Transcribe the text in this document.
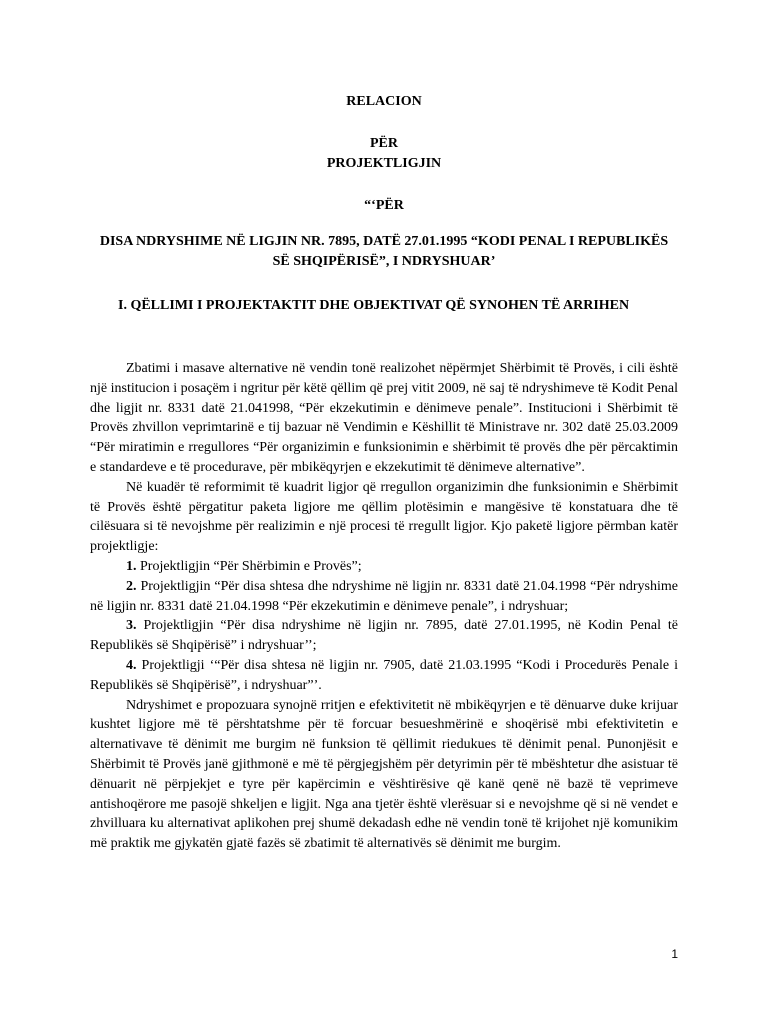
RELACION
PËR
PROJEKTLIGJIN
“‘PËR
DISA NDRYSHIME NË LIGJIN NR. 7895, DATË 27.01.1995 “KODI PENAL I REPUBLIKËS SË SHQIPËRISË”, I NDRYSHUAR’
I. QËLLIMI I PROJEKTAKTIT DHE OBJEKTIVAT QË SYNOHEN TË ARRIHEN

Zbatimi i masave alternative në vendin tonë realizohet nëpërmjet Shërbimit të Provës, i cili është një institucion i posaçëm i ngritur për këtë qëllim që prej vitit 2009, në saj të ndryshimeve të Kodit Penal dhe ligjit nr. 8331 datë 21.041998, “Për ekzekutimin e dënimeve penale”. Institucioni i Shërbimit të Provës zhvillon veprimtarinë e tij bazuar në Vendimin e Këshillit të Ministrave nr. 302 datë 25.03.2009 “Për miratimin e rregullores “Për organizimin e funksionimin e shërbimit të provës dhe për përcaktimin e standardeve e të procedurave, për mbikëqyrjen e ekzekutimit të dënimeve alternative”.

Në kuadër të reformimit të kuadrit ligjor që rregullon organizimin dhe funksionimin e Shërbimit të Provës është përgatitur paketa ligjore me qëllim plotësimin e mangësive të konstatuara dhe të cilësuara si të nevojshme për realizimin e një procesi të rregullt ligjor. Kjo paketë ligjore përmban katër projektligje:

1. Projektligjin “Për Shërbimin e Provës”;

2. Projektligjin “Për disa shtesa dhe ndryshime në ligjin nr. 8331 datë 21.04.1998 “Për ndryshime në ligjin nr. 8331 datë 21.04.1998 “Për ekzekutimin e dënimeve penale”, i ndryshuar;

3. Projektligjin “Për disa ndryshime në ligjin nr. 7895, datë 27.01.1995, në Kodin Penal të Republikës së Shqipërisë” i ndryshuar’’;

4. Projektligji ‘“Për disa shtesa në ligjin nr. 7905, datë 21.03.1995 “Kodi i Procedurës Penale i Republikës së Shqipërisë”, i ndryshuar”’.

Ndryshimet e propozuara synojnë rritjen e efektivitetit në mbikëqyrjen e të dënuarve duke krijuar kushtet ligjore më të përshtatshme për të forcuar besueshmërinë e shoqërisë mbi efektivitetin e alternativave të dënimit me burgim në funksion të qëllimit riedukues të dënimit penal. Punonjësit e Shërbimit të Provës janë gjithmonë e më të përgjegjshëm për detyrimin për të mbështetur dhe asistuar të dënuarit në përpjekjet e tyre për kapërcimin e vështirësive që kanë qenë në bazë të veprimeve antishoqërore me pasojë shkeljen e ligjit. Nga ana tjetër është vlerësuar si e nevojshme që si në vendet e zhvilluara ku alternativat aplikohen prej shumë dekadash edhe në vendin tonë të krijohet një komunikim më praktik me gjykatën gjatë fazës së zbatimit të alternativës së dënimit me burgim.

1
